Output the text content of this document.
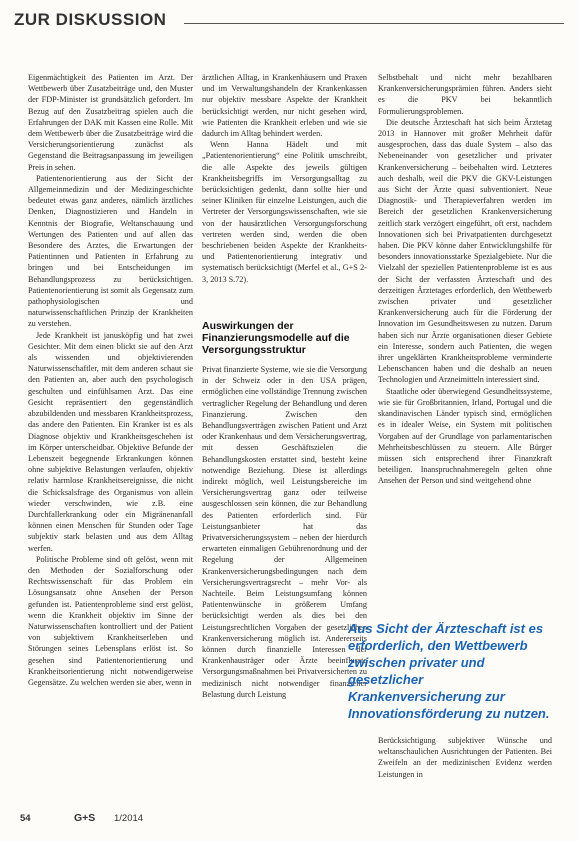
ZUR DISKUSSION

Eigenmächtigkeit des Patienten im Arzt. Der Wettbewerb über Zusatzbeiträge und, den Muster der FDP-Minister ist grundsätzlich gefordert. Im Bezug auf den Zusatzbeitrag spielen auch die Erfahrungen der DAK mit Kassen eine Rolle. Mit dem Wettbewerb über die Zusatzbeiträge wird die Versicherungsorientierung zunächst als Gegenstand die Beitragsanpassung im jeweiligen Preis in sehen.

Patientenorientierung aus der Sicht der Allgemeinmedizin und der Medizingeschichte bedeutet etwas ganz anderes, nämlich ärztliches Denken, Diagnostizieren und Handeln in Kenntnis der Biografie, Weltanschauung und Wertungen des Patienten und auf allen das Besondere des Arztes, die Erwartungen der Patientinnen und Patienten in Erfahrung zu bringen und bei Entscheidungen im Behandlungsprozess zu berücksichtigen. Patientenorientierung ist somit als Gegensatz zum pathophysiologischen und naturwissenschaftlichen Prinzip der Krankheiten zu verstehen.

Jede Krankheit ist janusköpfig und hat zwei Gesichter. Mit dem einen blickt sie auf den Arzt als wissenden und objektivierenden Naturwissenschaftler, mit dem anderen schaut sie den Patienten an, aber auch den psychologisch geschulten und einfühlsamen Arzt. Das eine Gesicht repräsentiert den gegenständlich abzubildenden und messbaren Krankheitsprozess, das andere den Patienten. Ein Kranker ist es als Diagnose objektiv und Krankheitsgeschehen ist im Körper unterscheidbar. Objektive Befunde der Lebenszeit begegnende Erkrankungen können ohne subjektive Belastungen verlaufen, objektiv relativ harmlose Krankheitsereignisse, die nicht die Schicksalsfrage des Organismus von allein wieder verschwinden, wie z.B. eine Durchfallerkrankung oder ein Migränenanfall können einen Menschen für Stunden oder Tage subjektiv stark belasten und aus dem Alltag werfen.

Politische Probleme sind oft gelöst, wenn mit den Methoden der Sozialforschung oder Rechtswissenschaft für das Problem ein Lösungsansatz ohne Ansehen der Person gefunden ist. Patientenprobleme sind erst gelöst, wenn die Krankheit objektiv im Sinne der Naturwissenschaften kontrolliert und der Patient von subjektivem Krankheitserleben und Störungen seines Lebensplans erlöst ist. So gesehen sind Patientenorientierung und Krankheitsorientierung nicht notwendigerweise Gegensätze. Zu welchen werden sie aber, wenn in

ärztlichen Alltag, in Krankenhäusern und Praxen und im Verwaltungshandeln der Krankenkassen nur objektiv messbare Aspekte der Krankheit berücksichtigt werden, nur nicht gesehen wird, wie Patienten die Krankheit erleben und wie sie dadurch im Alltag behindert werden.

Wenn Hanna Hädelt und mit „Patientenorientierung“ eine Politik umschreibt, die alle Aspekte des jeweils gültigen Krankheitsbegriffs im Versorgungsalltag zu berücksichtigen gedenkt, dann sollte hier und seiner Kliniken für einzelne Leistungen, auch die Vertreter der Versorgungswissenschaften, wie sie von der hausärztlichen Versorgungsforschung vertreten werden sind, werden die oben beschriebenen beiden Aspekte der Krankheits- und Patientenorientierung integrativ und systematisch berücksichtigt (Merfel et al., G+S 2-3, 2013 S.72).

Auswirkungen der Finanzierungsmodelle auf die Versorgungsstruktur

Privat finanzierte Systeme, wie sie die Versorgung in der Schweiz oder in den USA prägen, ermöglichen eine vollständige Trennung zwischen vertraglicher Regelung der Behandlung und deren Finanzierung. Zwischen den Behandlungsverträgen zwischen Patient und Arzt oder Krankenhaus und dem Versicherungsvertrag, mit dessen Geschäftszielen die Behandlungskosten erstattet sind, besteht keine notwendige Beziehung. Diese ist allerdings indirekt möglich, weil Leistungsbereiche im Versicherungsvertrag ganz oder teilweise ausgeschlossen sein können, die zur Behandlung des Patienten erforderlich sind. Für Leistungsanbieter hat das Privatversicherungssystem – neben der hierdurch erwarteten einmaligen Gebührenordnung und der Regelung der Allgemeinen Krankenversicherungsbedingungen nach dem Versicherungsvertragsrecht – mehr Vor- als Nachteile. Beim Leistungsumfang können Patientenwünsche in größerem Umfang berücksichtigt werden als dies bei den Leistungsrechtlichen Vorgaben der gesetzlichen Krankenversicherung möglich ist. Andererseits können durch finanzielle Interessen der Krankenhausträger oder Ärzte beeinflusste Versorgungsmaßnahmen bei Privatversicherten zu medizinisch nicht notwendiger finanzieller Belastung durch Leistung

Selbstbehalt und nicht mehr bezahlbaren Krankenversicherungsprämien führen. Anders sieht es die PKV bei bekanntlich Formulierungsproblemen.

Die deutsche Ärzteschaft hat sich beim Ärztetag 2013 in Hannover mit großer Mehrheit dafür ausgesprochen, dass das duale System – also das Nebeneinander von gesetzlicher und privater Krankenversicherung – beibehalten wird. Letzteres auch deshalb, weil die PKV die GKV-Leistungen aus Sicht der Ärzte quasi subventioniert. Neue Diagnostik- und Therapieverfahren werden im Bereich der gesetzlichen Krankenversicherung zeitlich stark verzögert eingeführt, oft erst, nachdem Innovationen sich bei Privatpatienten durchgesetzt haben. Die PKV könne daher Entwicklungshilfe für besonders innovationsstarke Spezialgebiete. Nur die Vielzahl der speziellen Patientenprobleme ist es aus der Sicht der verfassten Ärzteschaft und des derzeitigen Ärztetages erforderlich, den Wettbewerb zwischen privater und gesetzlicher Krankenversicherung auch für die Förderung der Innovation im Gesundheitswesen zu nutzen. Darum haben sich nur Ärzte organisationen dieser Gebiete ein Interesse, sondern auch Patienten, die wegen ihrer ungeklärten Krankheitsprobleme verminderte Lebenschancen haben und die deshalb an neuen Technologien und Arzneimitteln interessiert sind.

Staatliche oder überwiegend Gesundheitssysteme, wie sie für Großbritannien, Irland, Portugal und die skandinavischen Länder typisch sind, ermöglichen es in idealer Weise, ein System mit politischen Vorgaben auf der Grundlage von parlamentarischen Mehrheitsbeschlüssen zu steuern. Alle Bürger müssen sich entsprechend ihrer Finanzkraft beteiligen. Inanspruchnahmeregeln gelten ohne Ansehen der Person und sind weitgehend ohne

Aus Sicht der Ärzteschaft ist es erforderlich, den Wettbewerb zwischen privater und gesetzlicher Krankenversicherung zur Innovationsförderung zu nutzen.

Berücksichtigung subjektiver Wünsche und weltanschaulichen Ausrichtungen der Patienten. Bei Zweifeln an der medizinischen Evidenz werden Leistungen in

54	G+S 1/2014
